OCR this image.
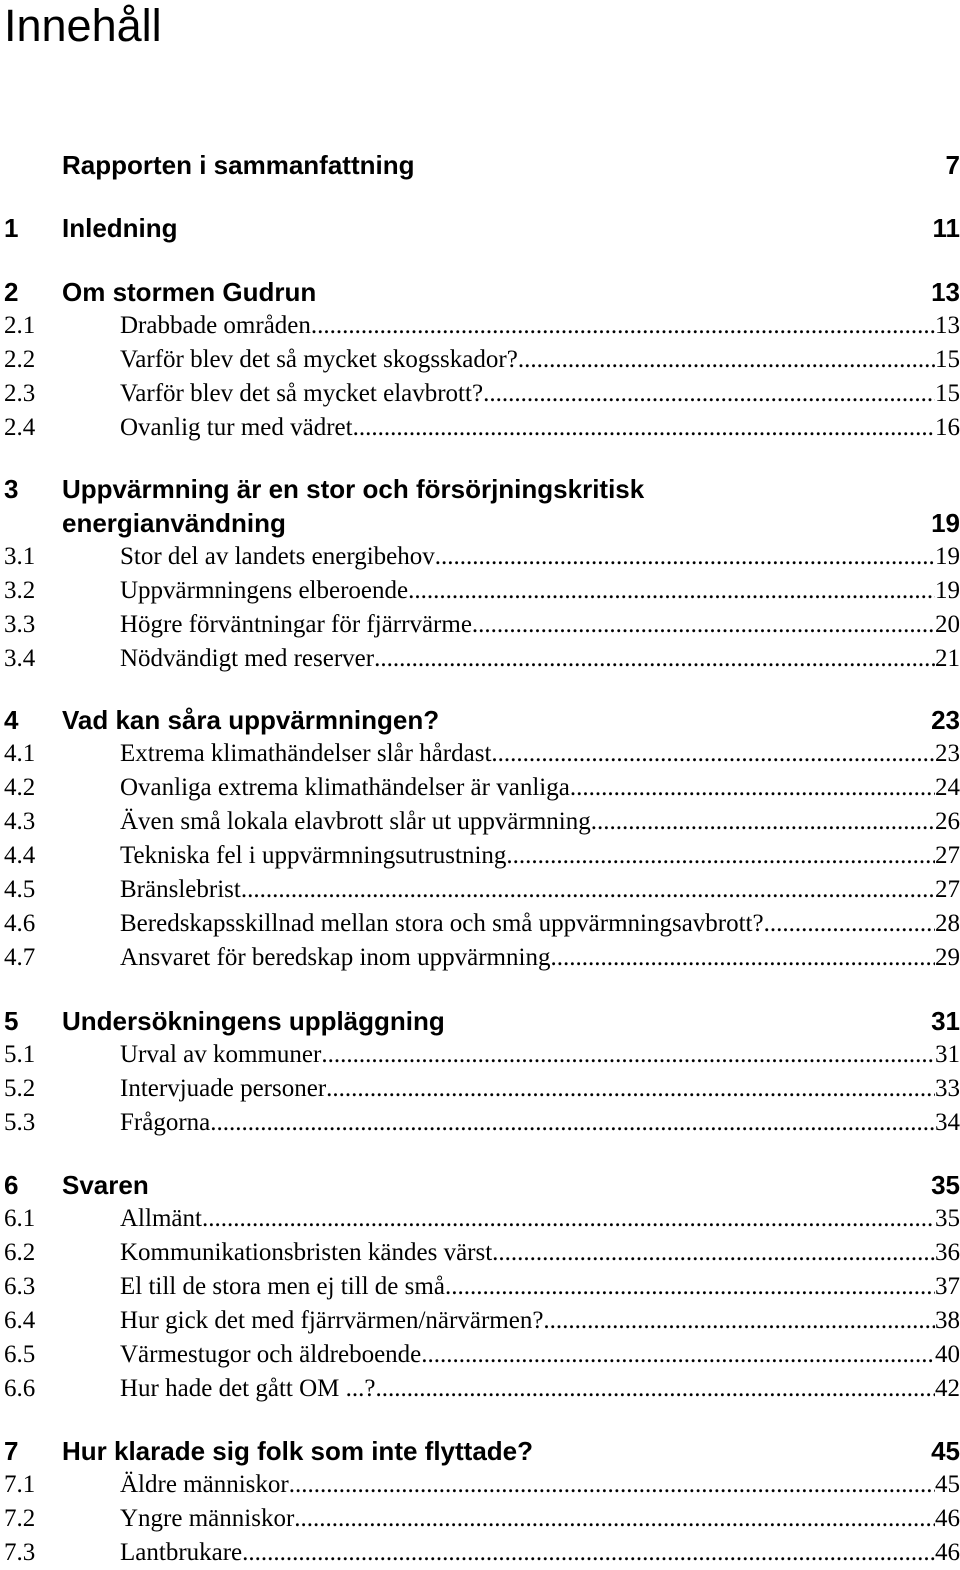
Innehåll
Rapporten i sammanfattning	7
1 Inledning	11
2 Om stormen Gudrun	13
2.1	Drabbade områden .....	13
2.2	Varför blev det så mycket skogsskador? .....	15
2.3	Varför blev det så mycket elavbrott? .....	15
2.4	Ovanlig tur med vädret .....	16
3 Uppvärmning är en stor och försörjningskritisk
energianvändning	19
3.1	Stor del av landets energibehov .....	19
3.2	Uppvärmningens elberoende .....	19
3.3	Högre förväntningar för fjärrvärme .....	20
3.4	Nödvändigt med reserver .....	21
4 Vad kan såra uppvärmningen?	23
4.1	Extrema klimathändelser slår hårdast .....	23
4.2	Ovanliga extrema klimathändelser är vanliga .....	24
4.3	Även små lokala elavbrott slår ut uppvärmning .....	26
4.4	Tekniska fel i uppvärmningsutrustning .....	27
4.5	Bränslebrist .....	27
4.6	Beredskapsskillnad mellan stora och små uppvärmningsavbrott? .....	28
4.7	Ansvaret för beredskap inom uppvärmning .....	29
5 Undersökningens uppläggning	31
5.1	Urval av kommuner .....	31
5.2	Intervjuade personer .....	33
5.3	Frågorna .....	34
6 Svaren	35
6.1	Allmänt .....	35
6.2	Kommunikationsbristen kändes värst .....	36
6.3	El till de stora men ej till de små .....	37
6.4	Hur gick det med fjärrvärmen/närvärmen? .....	38
6.5	Värmestugor och äldreboende .....	40
6.6	Hur hade det gått OM ...? .....	42
7 Hur klarade sig folk som inte flyttade?	45
7.1	Äldre människor .....	45
7.2	Yngre människor .....	46
7.3	Lantbrukare .....	46
